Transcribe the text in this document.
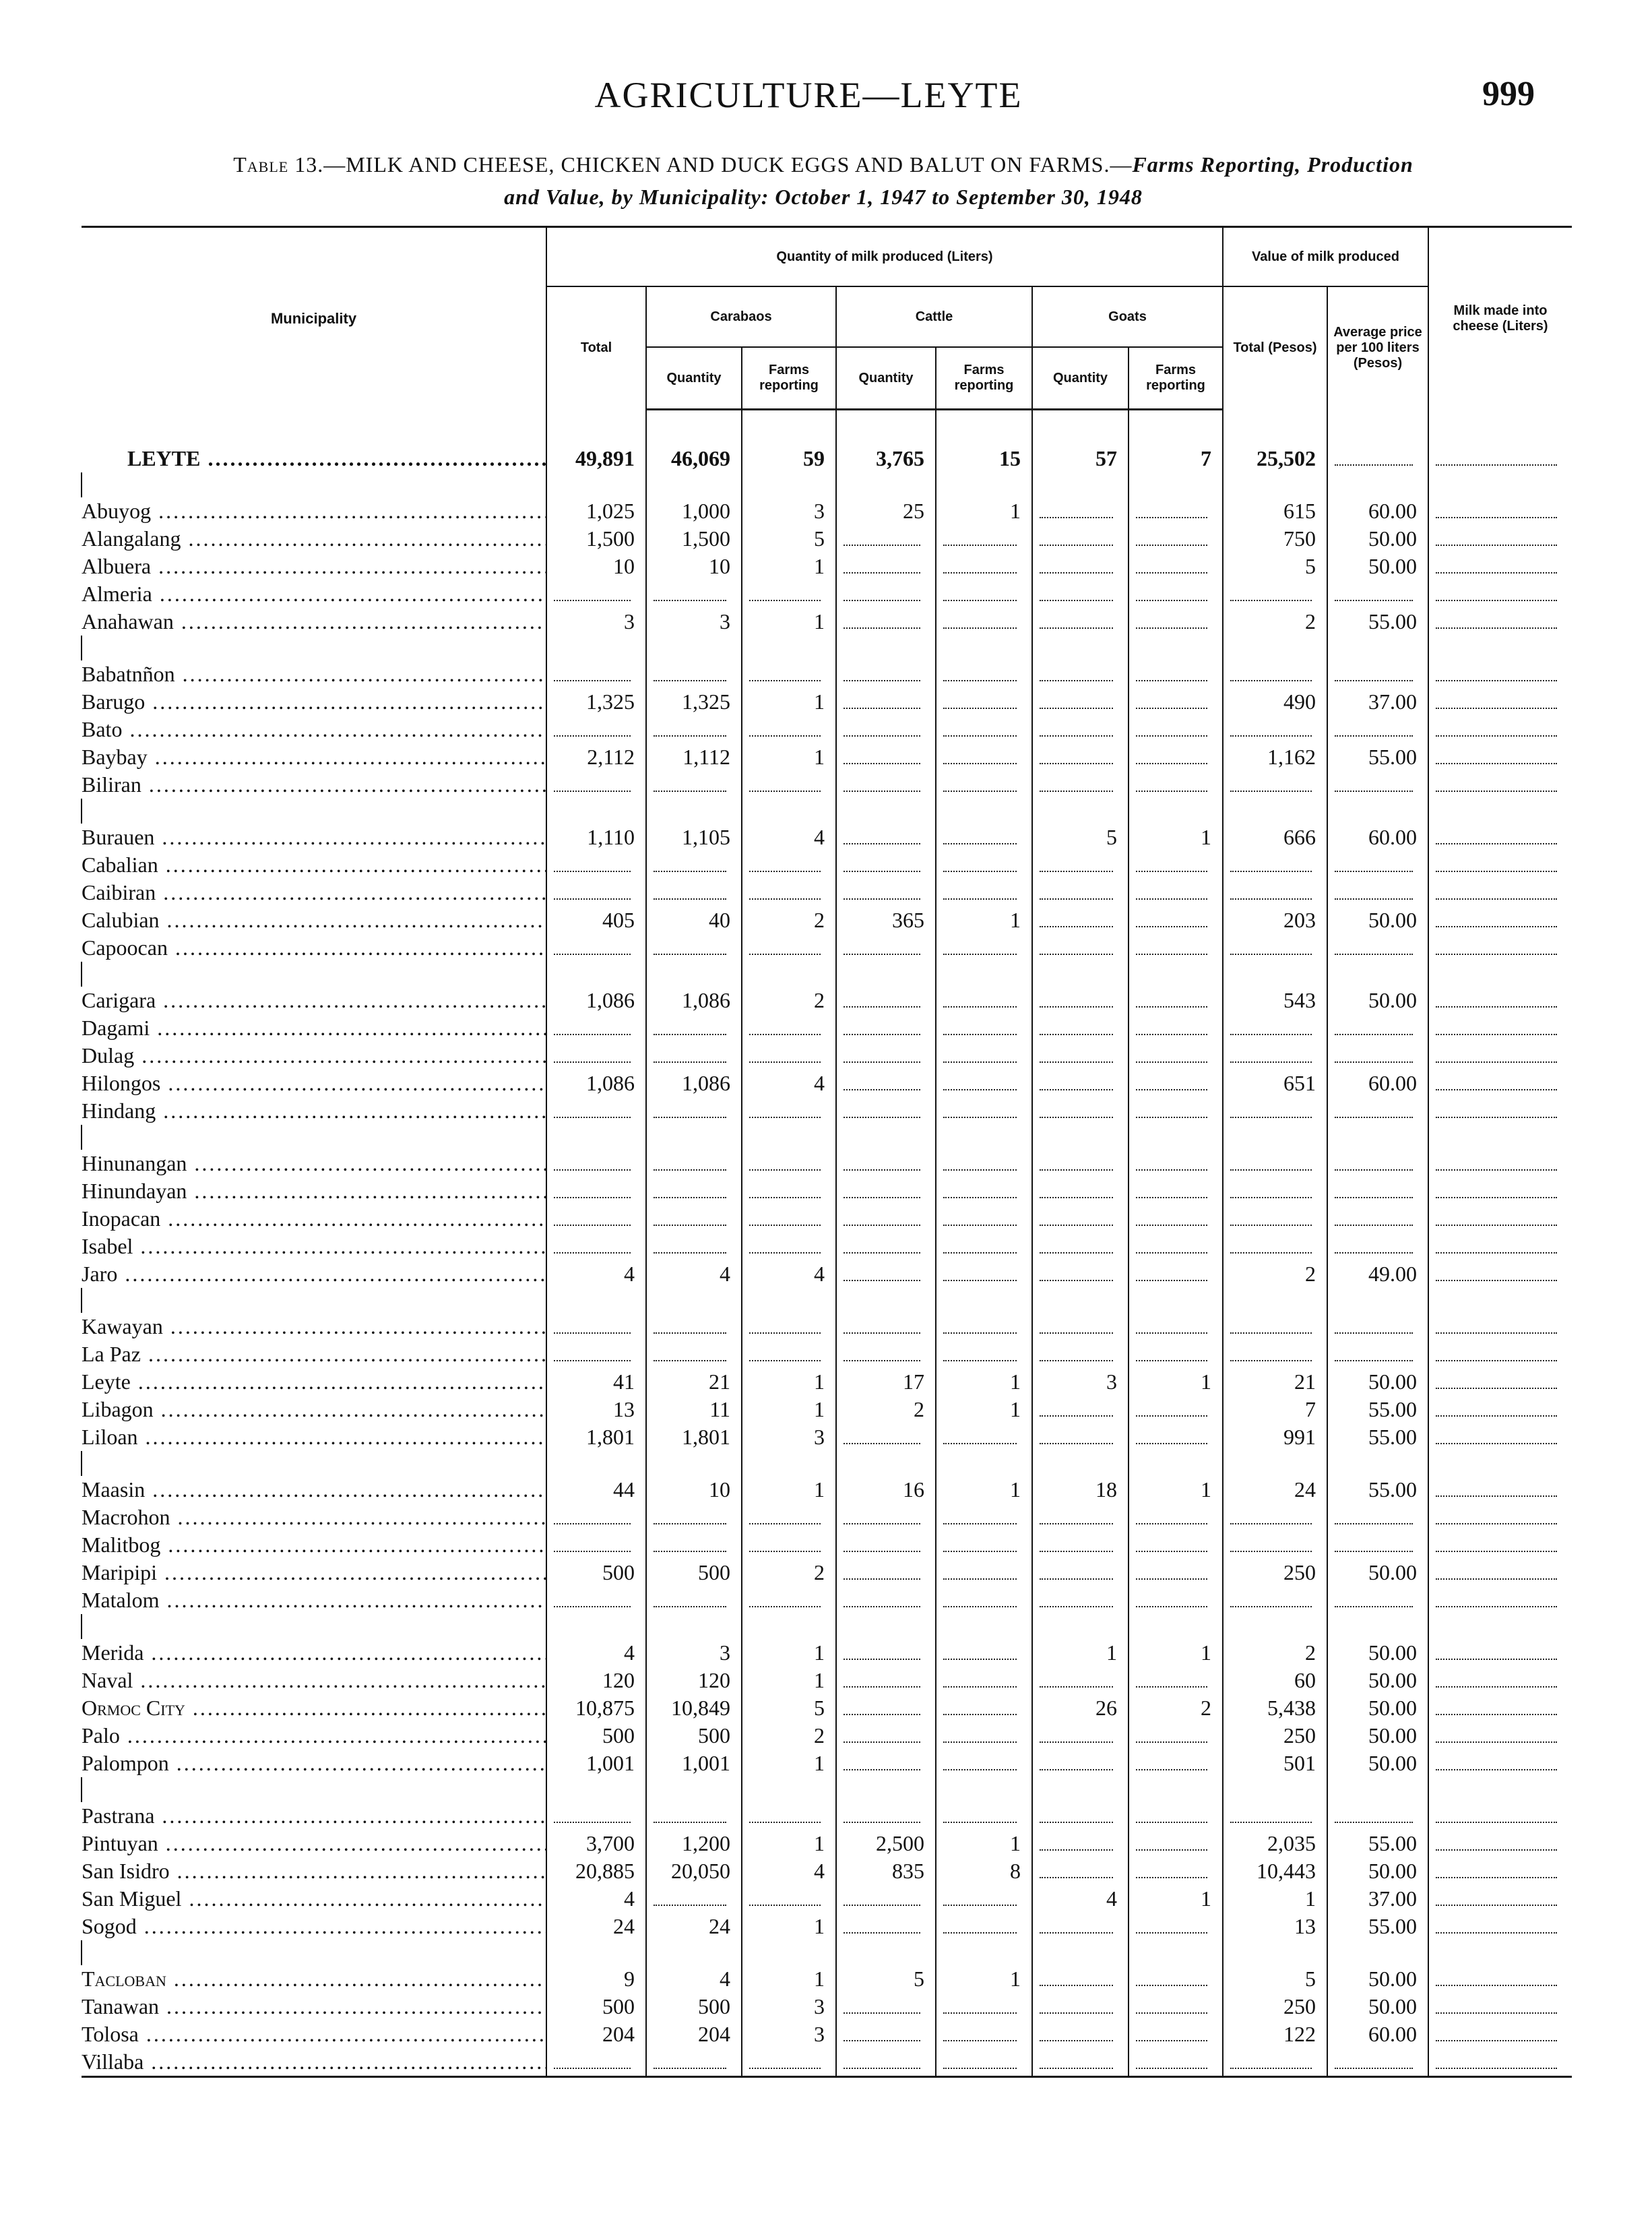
AGRICULTURE—LEYTE	999
Table 13.—MILK AND CHEESE, CHICKEN AND DUCK EGGS AND BALUT ON FARMS.—Farms Reporting, Production
and Value, by Municipality: October 1, 1947 to September 30, 1948
Municipality	Quantity of milk produced (Liters)							Value of milk produced		Milk made into cheese (Liters)
	Total	Carabaos		Cattle		Goats		Total (Pesos)	Average price per 100 liters (Pesos)	
		Quantity	Farms reporting	Quantity	Farms reporting	Quantity	Farms reporting			
LEYTE .....	49,891	46,069	59	3,765	15	57	7	25,502		

Abuyog .....	1,025	1,000	3	25	1			615	60.00	
Alangalang .....	1,500	1,500	5					750	50.00	
Albuera .....	10	10	1					5	50.00	
Almeria .....										
Anahawan .....	3	3	1					2	55.00	

Babatnñon .....										
Barugo .....	1,325	1,325	1					490	37.00	
Bato .....										
Baybay .....	2,112	1,112	1					1,162	55.00	
Biliran .....										

Burauen .....	1,110	1,105	4			5	1	666	60.00	
Cabalian .....										
Caibiran .....										
Calubian .....	405	40	2	365	1			203	50.00	
Capoocan .....										

Carigara .....	1,086	1,086	2					543	50.00	
Dagami .....										
Dulag .....										
Hilongos .....	1,086	1,086	4					651	60.00	
Hindang .....										

Hinunangan .....										
Hinundayan .....										
Inopacan .....										
Isabel .....										
Jaro .....	4	4	4					2	49.00	

Kawayan .....										
La Paz .....										
Leyte .....	41	21	1	17	1	3	1	21	50.00	
Libagon .....	13	11	1	2	1			7	55.00	
Liloan .....	1,801	1,801	3					991	55.00	

Maasin .....	44	10	1	16	1	18	1	24	55.00	
Macrohon .....										
Malitbog .....										
Maripipi .....	500	500	2					250	50.00	
Matalom .....										

Merida .....	4	3	1			1	1	2	50.00	
Naval .....	120	120	1					60	50.00	
Ormoc City .....	10,875	10,849	5			26	2	5,438	50.00	
Palo .....	500	500	2					250	50.00	
Palompon .....	1,001	1,001	1					501	50.00	

Pastrana .....										
Pintuyan .....	3,700	1,200	1	2,500	1			2,035	55.00	
San Isidro .....	20,885	20,050	4	835	8			10,443	50.00	
San Miguel .....	4					4	1	1	37.00	
Sogod .....	24	24	1					13	55.00	

Tacloban .....	9	4	1	5	1			5	50.00	
Tanawan .....	500	500	3					250	50.00	
Tolosa .....	204	204	3					122	60.00	
Villaba .....										
